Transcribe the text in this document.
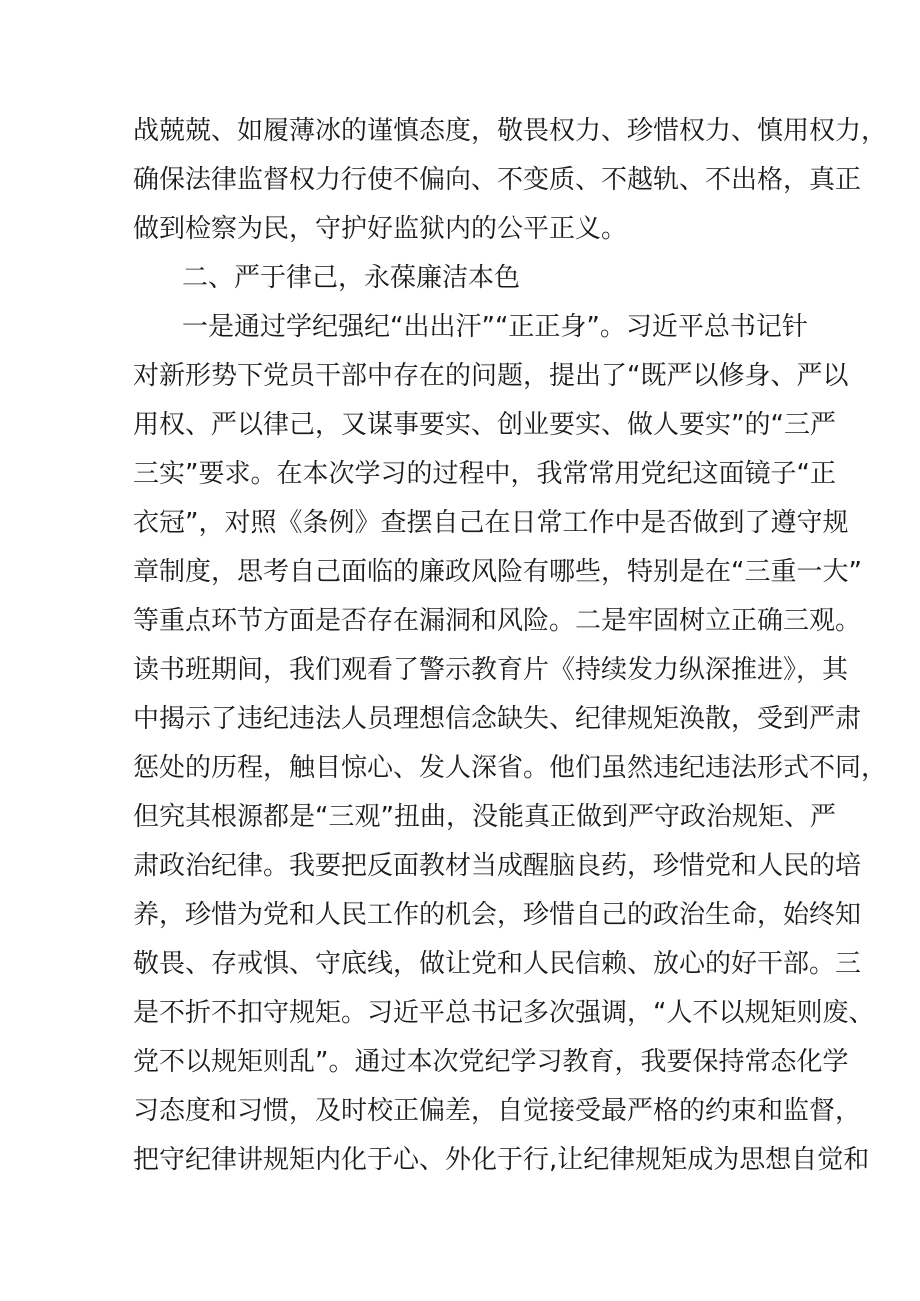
战兢兢、如履薄冰的谨慎态度，敬畏权力、珍惜权力、慎用权力，
确保法律监督权力行使不偏向、不变质、不越轨、不出格，真正
做到检察为民，守护好监狱内的公平正义。
二、严于律己，永葆廉洁本色
一是通过学纪强纪“出出汗”“正正身”。习近平总书记针
对新形势下党员干部中存在的问题，提出了“既严以修身、严以
用权、严以律己，又谋事要实、创业要实、做人要实”的“三严
三实”要求。在本次学习的过程中，我常常用党纪这面镜子“正
衣冠”，对照《条例》查摆自己在日常工作中是否做到了遵守规
章制度，思考自己面临的廉政风险有哪些，特别是在“三重一大”
等重点环节方面是否存在漏洞和风险。二是牢固树立正确三观。
读书班期间，我们观看了警示教育片《持续发力纵深推进》，其
中揭示了违纪违法人员理想信念缺失、纪律规矩涣散，受到严肃
惩处的历程，触目惊心、发人深省。他们虽然违纪违法形式不同，
但究其根源都是“三观”扭曲，没能真正做到严守政治规矩、严
肃政治纪律。我要把反面教材当成醒脑良药，珍惜党和人民的培
养，珍惜为党和人民工作的机会，珍惜自己的政治生命，始终知
敬畏、存戒惧、守底线，做让党和人民信赖、放心的好干部。三
是不折不扣守规矩。习近平总书记多次强调，“人不以规矩则废、
党不以规矩则乱”。通过本次党纪学习教育，我要保持常态化学
习态度和习惯，及时校正偏差，自觉接受最严格的约束和监督，
把守纪律讲规矩内化于心、外化于行,让纪律规矩成为思想自觉和
